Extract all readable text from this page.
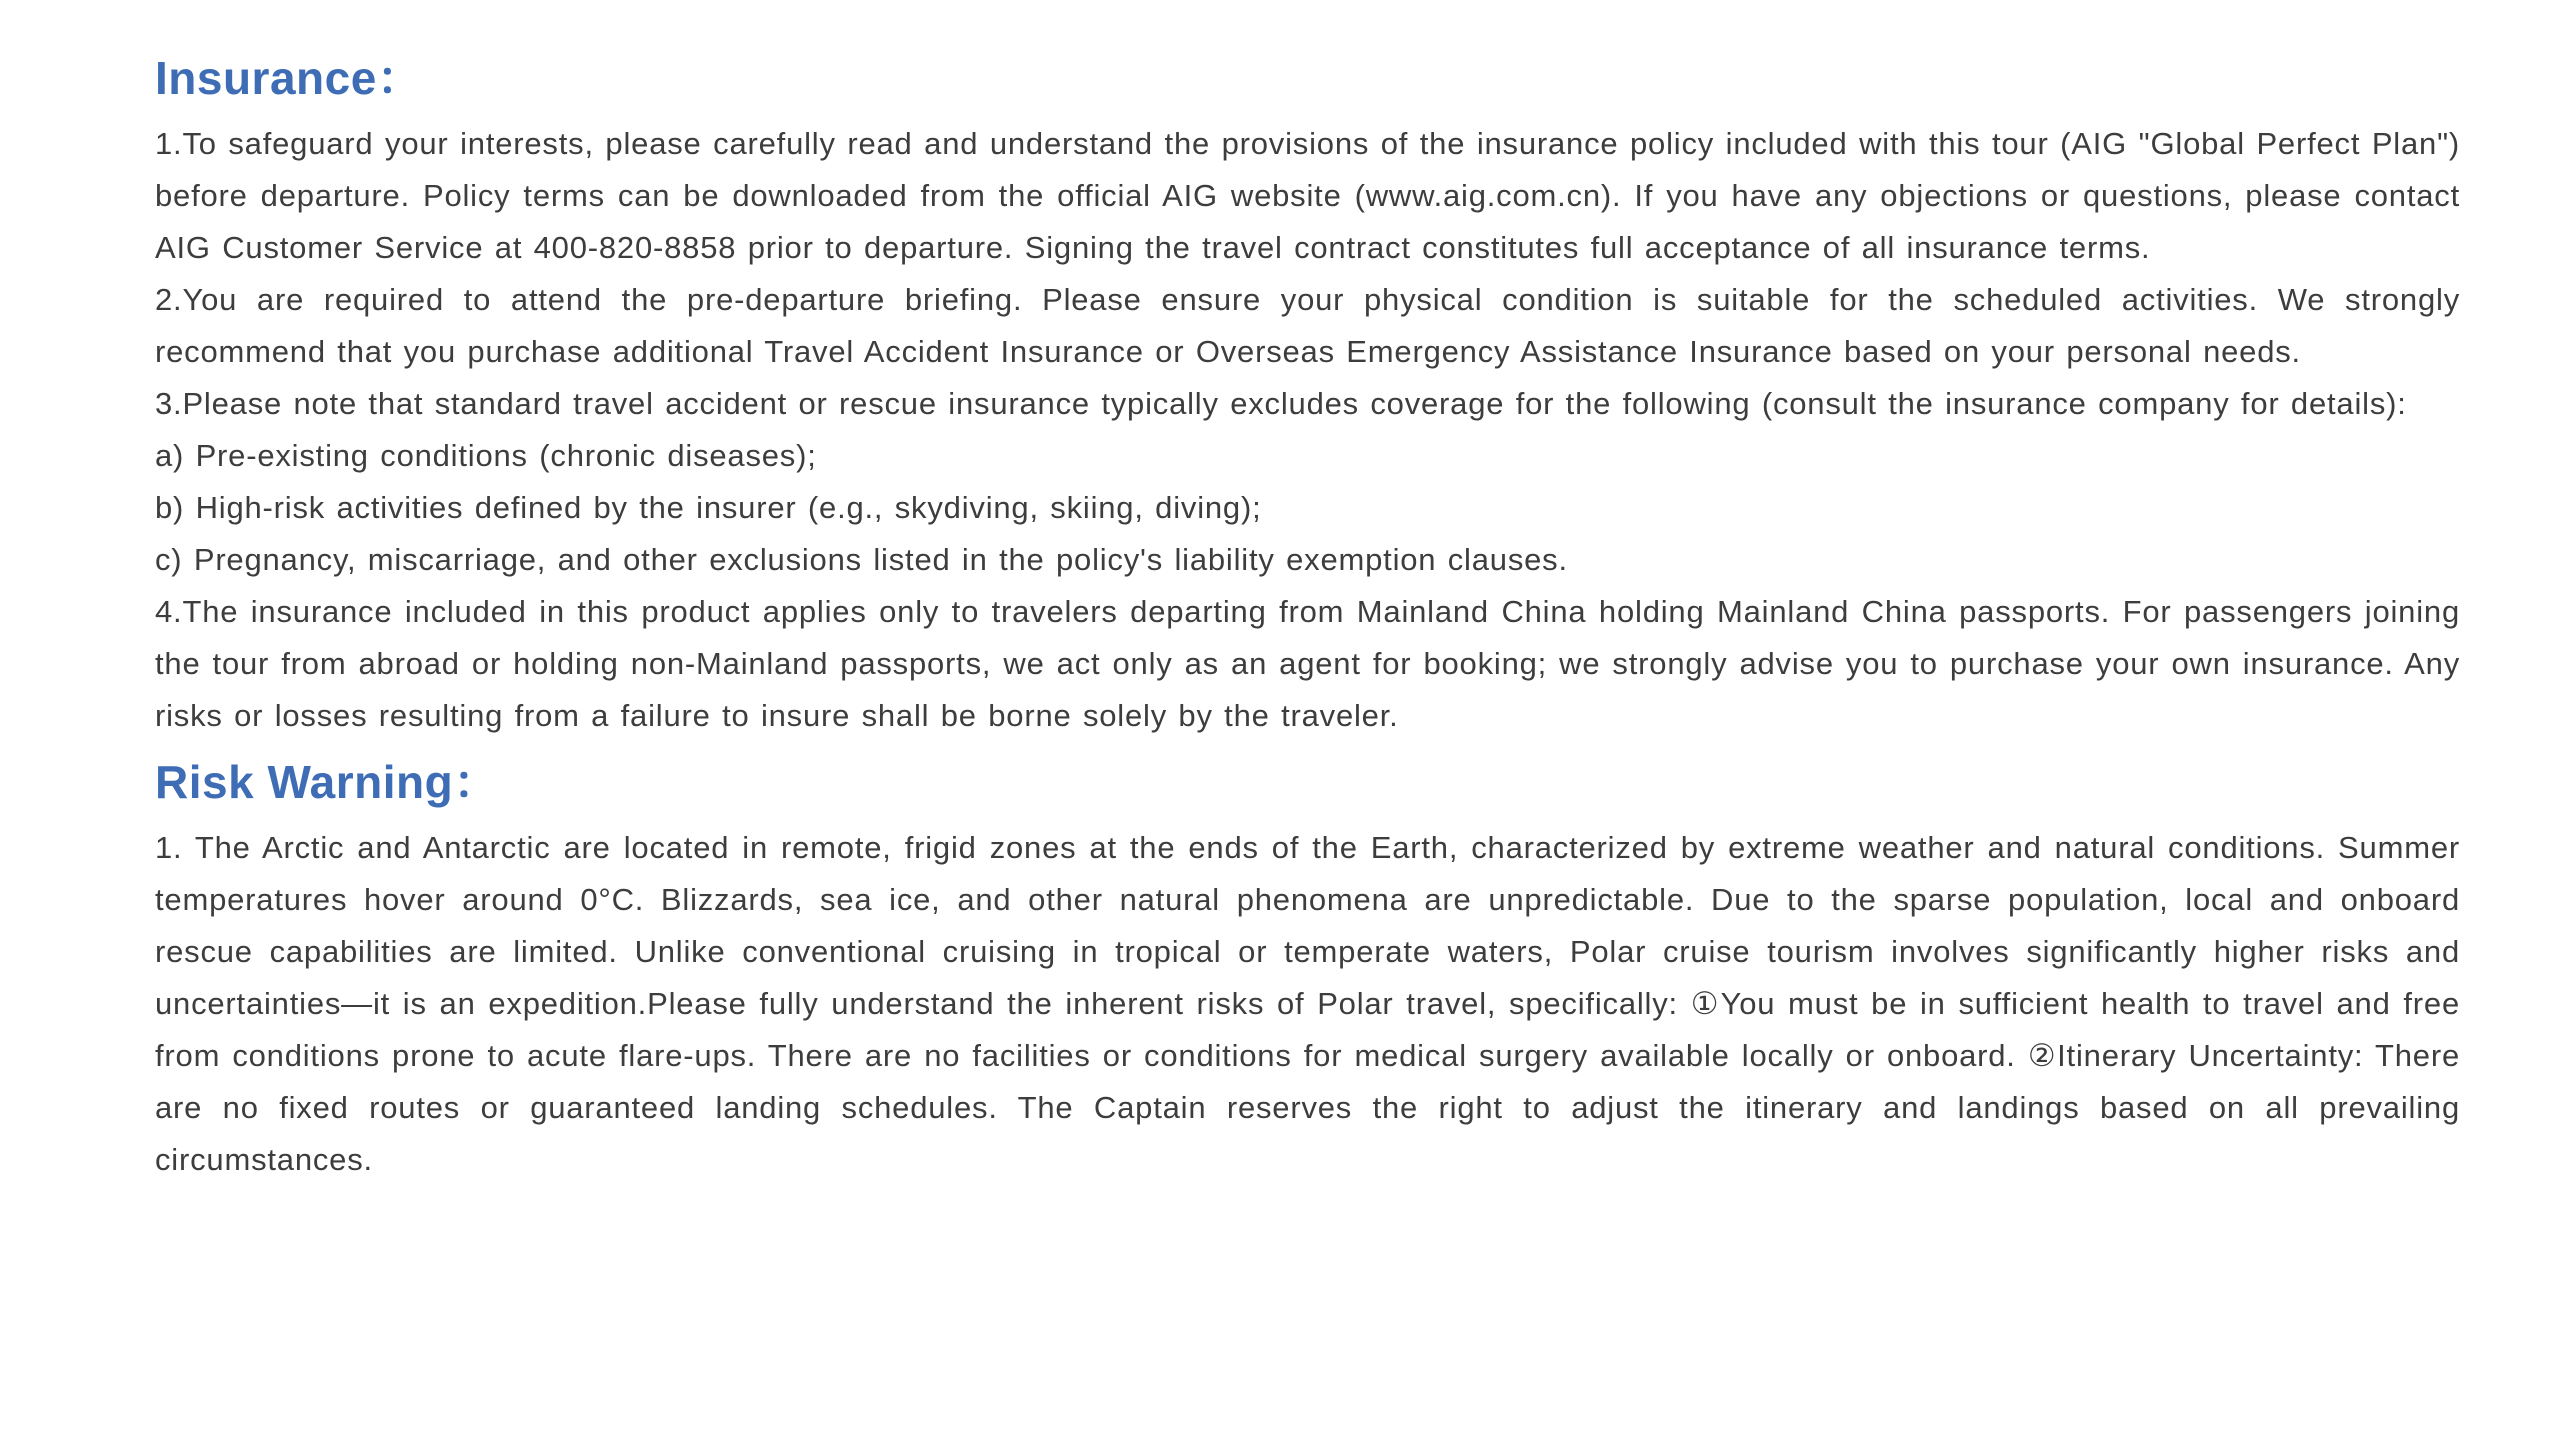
Insurance：

1.To safeguard your interests, please carefully read and understand the provisions of the insurance policy included with this tour (AIG "Global Perfect Plan") before departure. Policy terms can be downloaded from the official AIG website (www.aig.com.cn). If you have any objections or questions, please contact AIG Customer Service at 400-820-8858 prior to departure. Signing the travel contract constitutes full acceptance of all insurance terms.

2.You are required to attend the pre-departure briefing. Please ensure your physical condition is suitable for the scheduled activities. We strongly recommend that you purchase additional Travel Accident Insurance or Overseas Emergency Assistance Insurance based on your personal needs.

3.Please note that standard travel accident or rescue insurance typically excludes coverage for the following (consult the insurance company for details):

a) Pre-existing conditions (chronic diseases);

b) High-risk activities defined by the insurer (e.g., skydiving, skiing, diving);

c) Pregnancy, miscarriage, and other exclusions listed in the policy's liability exemption clauses.

4.The insurance included in this product applies only to travelers departing from Mainland China holding Mainland China passports. For passengers joining the tour from abroad or holding non-Mainland passports, we act only as an agent for booking; we strongly advise you to purchase your own insurance. Any risks or losses resulting from a failure to insure shall be borne solely by the traveler.

Risk Warning：

1. The Arctic and Antarctic are located in remote, frigid zones at the ends of the Earth, characterized by extreme weather and natural conditions. Summer temperatures hover around 0°C. Blizzards, sea ice, and other natural phenomena are unpredictable. Due to the sparse population, local and onboard rescue capabilities are limited. Unlike conventional cruising in tropical or temperate waters, Polar cruise tourism involves significantly higher risks and uncertainties—it is an expedition.Please fully understand the inherent risks of Polar travel, specifically: ①You must be in sufficient health to travel and free from conditions prone to acute flare-ups. There are no facilities or conditions for medical surgery available locally or onboard. ②Itinerary Uncertainty: There are no fixed routes or guaranteed landing schedules. The Captain reserves the right to adjust the itinerary and landings based on all prevailing circumstances.
